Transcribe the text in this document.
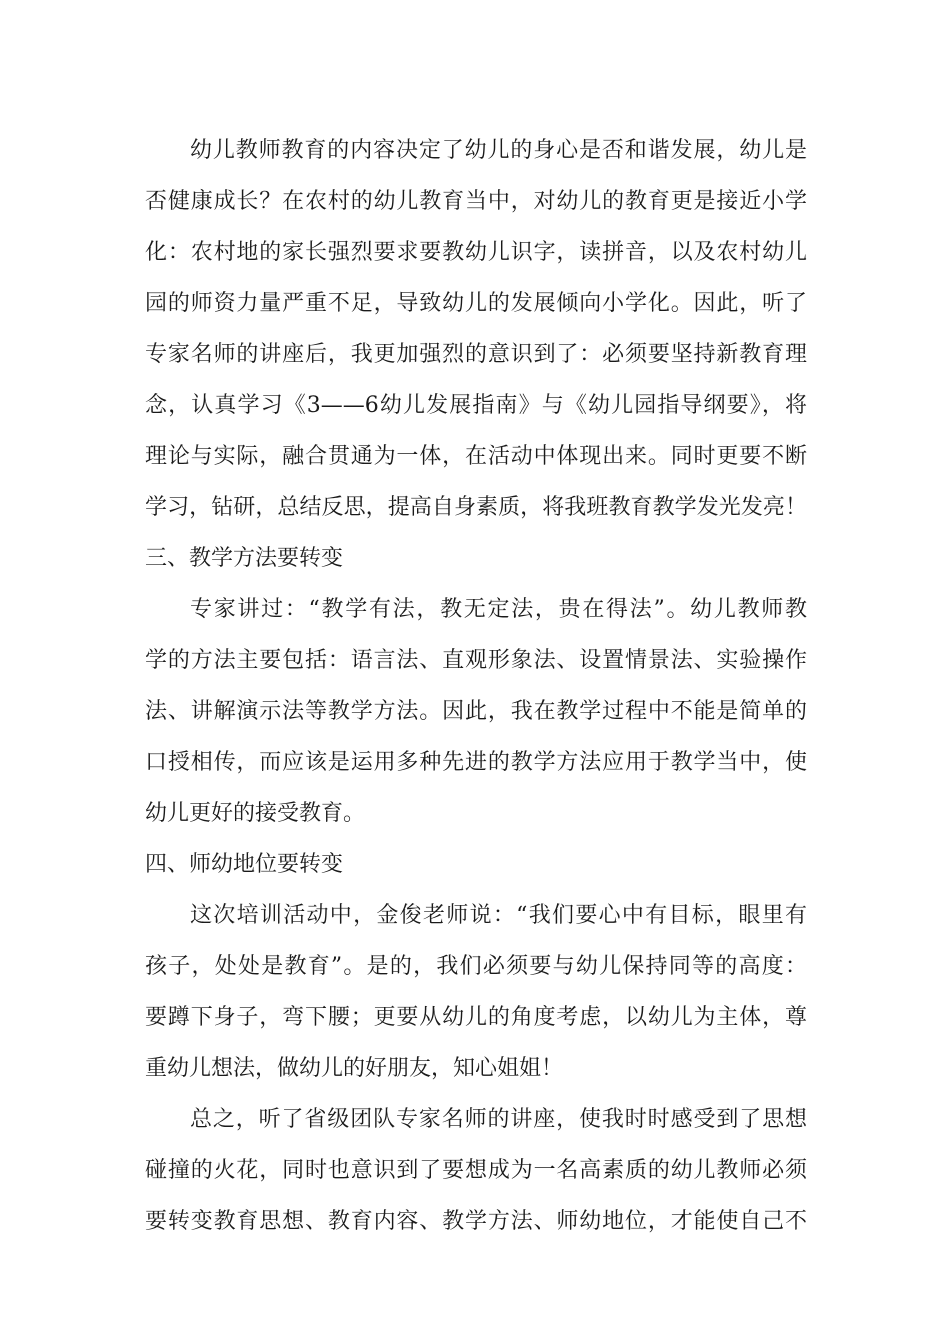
幼儿教师教育的内容决定了幼儿的身心是否和谐发展，幼儿是
否健康成长？在农村的幼儿教育当中，对幼儿的教育更是接近小学
化：农村地的家长强烈要求要教幼儿识字，读拼音，以及农村幼儿
园的师资力量严重不足，导致幼儿的发展倾向小学化。因此，听了
专家名师的讲座后，我更加强烈的意识到了：必须要坚持新教育理
念，认真学习《3——6幼儿发展指南》与《幼儿园指导纲要》，将
理论与实际，融合贯通为一体，在活动中体现出来。同时更要不断
学习，钻研，总结反思，提高自身素质，将我班教育教学发光发亮！
三、教学方法要转变
专家讲过：“教学有法，教无定法，贵在得法”。幼儿教师教
学的方法主要包括：语言法、直观形象法、设置情景法、实验操作
法、讲解演示法等教学方法。因此，我在教学过程中不能是简单的
口授相传，而应该是运用多种先进的教学方法应用于教学当中，使
幼儿更好的接受教育。
四、师幼地位要转变
这次培训活动中，金俊老师说：“我们要心中有目标，眼里有
孩子，处处是教育”。是的，我们必须要与幼儿保持同等的高度：
要蹲下身子，弯下腰；更要从幼儿的角度考虑，以幼儿为主体，尊
重幼儿想法，做幼儿的好朋友，知心姐姐！
总之，听了省级团队专家名师的讲座，使我时时感受到了思想
碰撞的火花，同时也意识到了要想成为一名高素质的幼儿教师必须
要转变教育思想、教育内容、教学方法、师幼地位，才能使自己不
